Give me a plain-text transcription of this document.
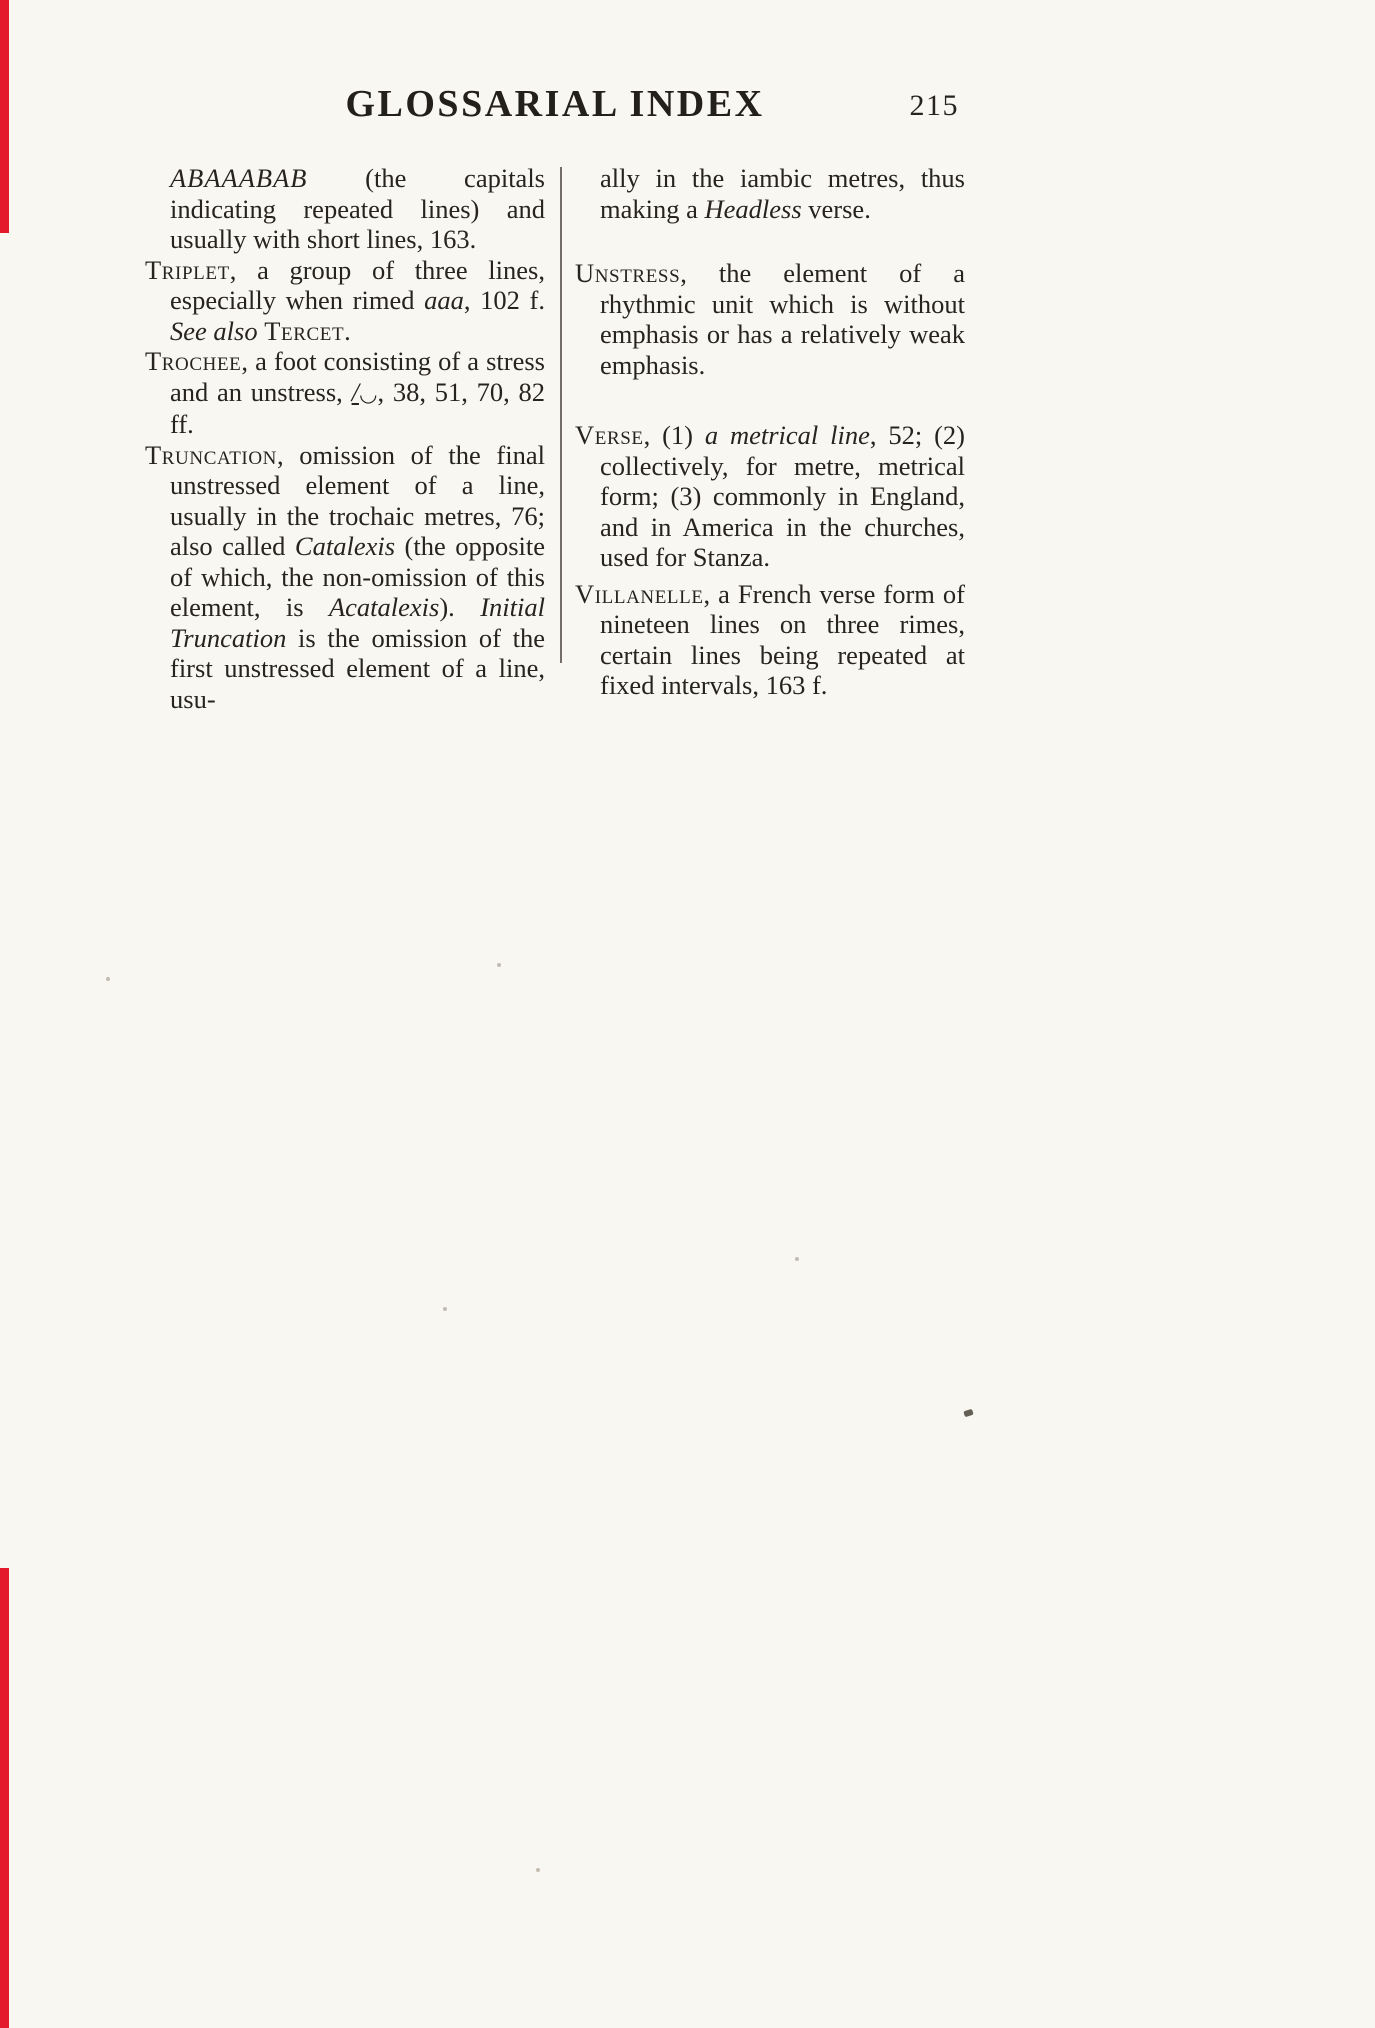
GLOSSARIAL INDEX	215

ABAAABAB (the capitals indicating repeated lines) and usually with short lines, 163.

Triplet, a group of three lines, especially when rimed aaa, 102 f. See also Tercet.

Trochee, a foot consisting of a stress and an unstress, /◡, 38, 51, 70, 82 ff.

Truncation, omission of the final unstressed element of a line, usually in the trochaic metres, 76; also called Catalexis (the opposite of which, the non-omission of this element, is Acatalexis). Initial Truncation is the omission of the first unstressed element of a line, usu-

ally in the iambic metres, thus making a Headless verse.

Unstress, the element of a rhythmic unit which is without emphasis or has a relatively weak emphasis.

Verse, (1) a metrical line, 52; (2) collectively, for metre, metrical form; (3) commonly in England, and in America in the churches, used for Stanza.

Villanelle, a French verse form of nineteen lines on three rimes, certain lines being repeated at fixed intervals, 163 f.
